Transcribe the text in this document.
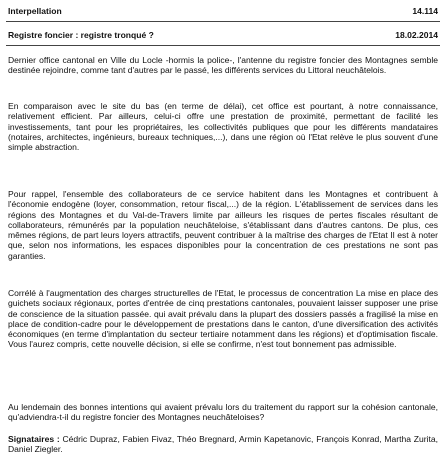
Interpellation	14.114
Registre foncier : registre tronqué ?	18.02.2014

Dernier office cantonal en Ville du Locle -hormis la police-, l'antenne du registre foncier des Montagnes semble destinée rejoindre, comme tant d'autres par le passé, les différents services du Littoral neuchâtelois.

En comparaison avec le site du bas (en terme de délai), cet office est pourtant, à notre connaissance, relativement efficient. Par ailleurs, celui-ci offre une prestation de proximité, permettant de facilité les investissements, tant pour les propriétaires, les collectivités publiques que pour les différents mandataires (notaires, architectes, ingénieurs, bureaux techniques,...), dans une région où l'Etat relève le plus souvent d'une simple abstraction.

Pour rappel, l'ensemble des collaborateurs de ce service habitent dans les Montagnes et contribuent à l'économie endogène (loyer, consommation, retour fiscal,...) de la région. L'établissement de services dans les régions des Montagnes et du Val-de-Travers limite par ailleurs les risques de pertes fiscales résultant de collaborateurs, rémunérés par la population neuchâteloise, s'établissant dans d'autres cantons. De plus, ces mêmes régions, de part leurs loyers attractifs, peuvent contribuer à la maîtrise des charges de l'Etat Il est à noter que, selon nos informations, les espaces disponibles pour la concentration de ces prestations ne sont pas garanties.

Corrélé à l'augmentation des charges structurelles de l'Etat, le processus de concentration La mise en place des guichets sociaux régionaux, portes d'entrée de cinq prestations cantonales, pouvaient laisser supposer une prise de conscience de la situation passée. qui avait prévalu dans la plupart des dossiers passés a fragilisé la mise en place de condition-cadre pour le développement de prestations dans le canton, d'une diversification des activités économiques (en terme d'implantation du secteur tertiaire notamment dans les régions) et d'optimisation fiscale. Vous l'aurez compris, cette nouvelle décision, si elle se confirme, n'est tout bonnement pas admissible.

Au lendemain des bonnes intentions qui avaient prévalu lors du traitement du rapport sur la cohésion cantonale, qu'adviendra-t-il du registre foncier des Montagnes neuchâteloises?

Signataires : Cédric Dupraz, Fabien Fivaz, Théo Bregnard, Armin Kapetanovic, François Konrad, Martha Zurita, Daniel Ziegler.
